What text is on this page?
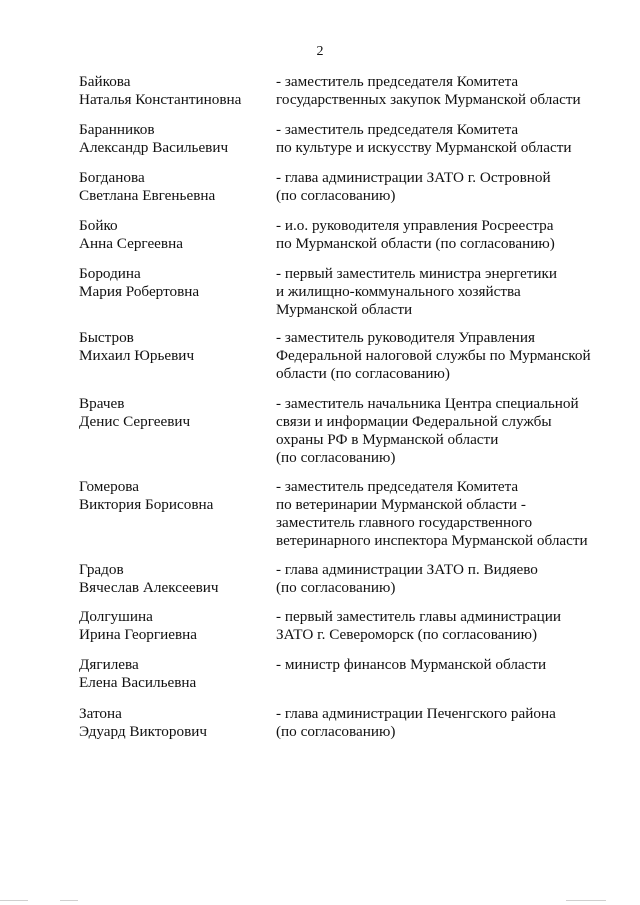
2
Байкова
Наталья Константиновна
- заместитель председателя Комитета
государственных закупок Мурманской области
Баранников
Александр Васильевич
- заместитель председателя Комитета
по культуре и искусству Мурманской области
Богданова
Светлана Евгеньевна
- глава администрации ЗАТО г. Островной
(по согласованию)
Бойко
Анна Сергеевна
- и.о. руководителя управления Росреестра
по Мурманской области (по согласованию)
Бородина
Мария Робертовна
- первый заместитель министра энергетики
и жилищно-коммунального хозяйства
Мурманской области
Быстров
Михаил Юрьевич
- заместитель руководителя Управления
Федеральной налоговой службы по Мурманской
области (по согласованию)
Врачев
Денис Сергеевич
- заместитель начальника Центра специальной
связи и информации Федеральной службы
охраны РФ в Мурманской области
(по согласованию)
Гомерова
Виктория Борисовна
- заместитель председателя Комитета
по ветеринарии Мурманской области -
заместитель главного государственного
ветеринарного инспектора Мурманской области
Градов
Вячеслав Алексеевич
- глава администрации ЗАТО п. Видяево
(по согласованию)
Долгушина
Ирина Георгиевна
- первый заместитель главы администрации
ЗАТО г. Североморск (по согласованию)
Дягилева
Елена Васильевна
- министр финансов Мурманской области
Затона
Эдуард Викторович
- глава администрации Печенгского района
(по согласованию)
